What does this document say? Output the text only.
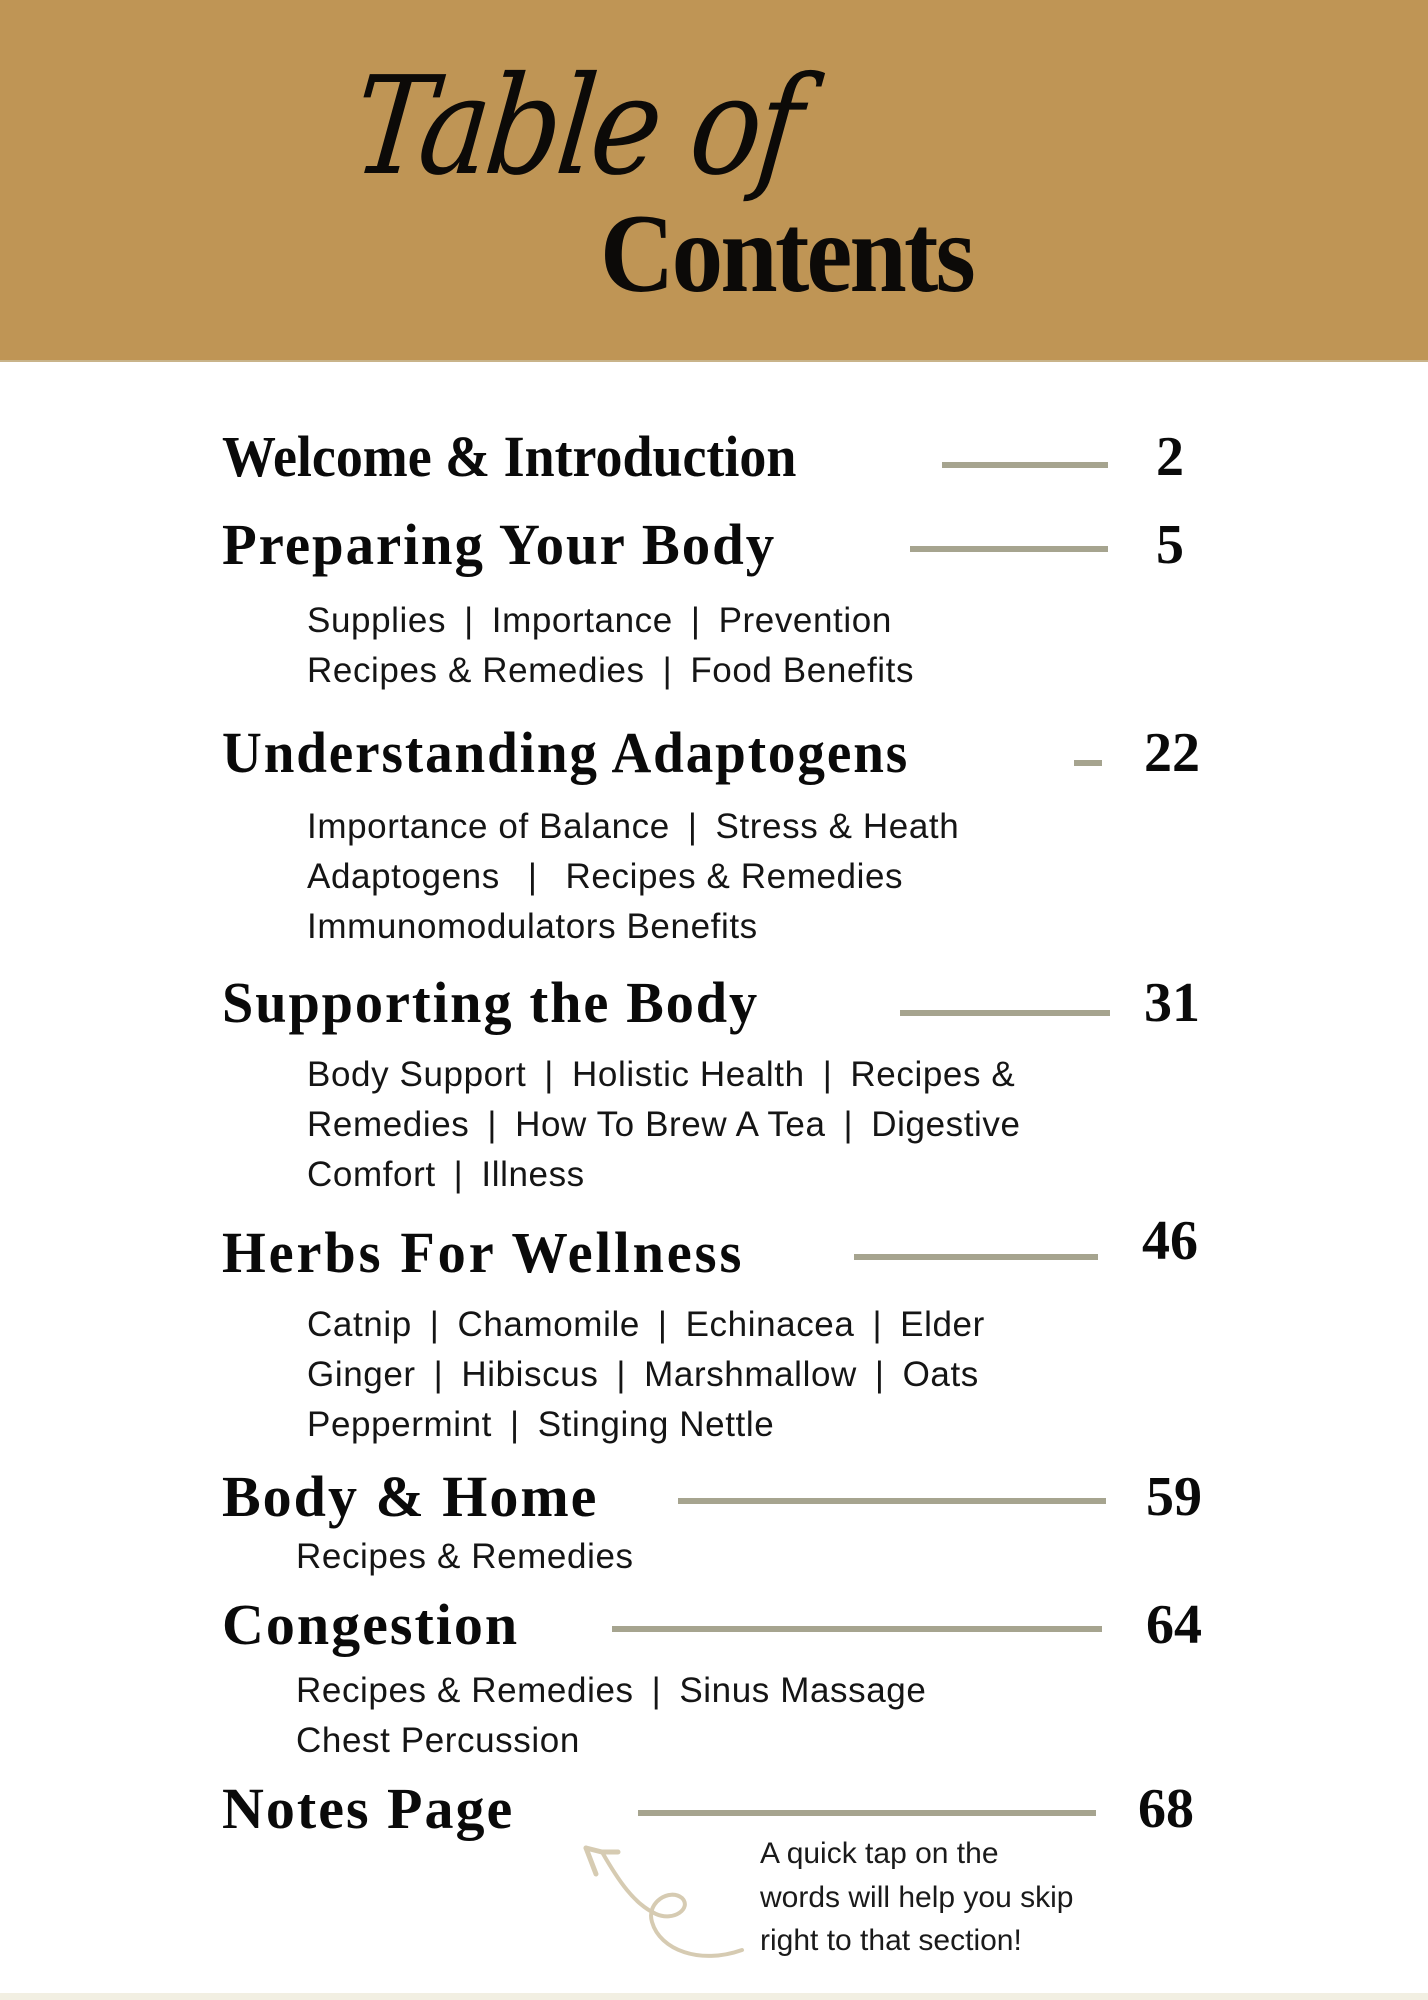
Table of
Contents
Welcome & Introduction	2
Preparing Your Body	5
Supplies | Importance | Prevention
Recipes & Remedies | Food Benefits
Understanding Adaptogens	22
Importance of Balance | Stress & Heath
Adaptogens | Recipes & Remedies
Immunomodulators Benefits
Supporting the Body	31
Body Support | Holistic Health | Recipes &
Remedies | How To Brew A Tea | Digestive
Comfort | Illness
Herbs For Wellness	46
Catnip | Chamomile | Echinacea | Elder
Ginger | Hibiscus | Marshmallow | Oats
Peppermint | Stinging Nettle
Body & Home	59
Recipes & Remedies
Congestion	64
Recipes & Remedies | Sinus Massage
Chest Percussion
Notes Page	68
A quick tap on the
words will help you skip
right to that section!
